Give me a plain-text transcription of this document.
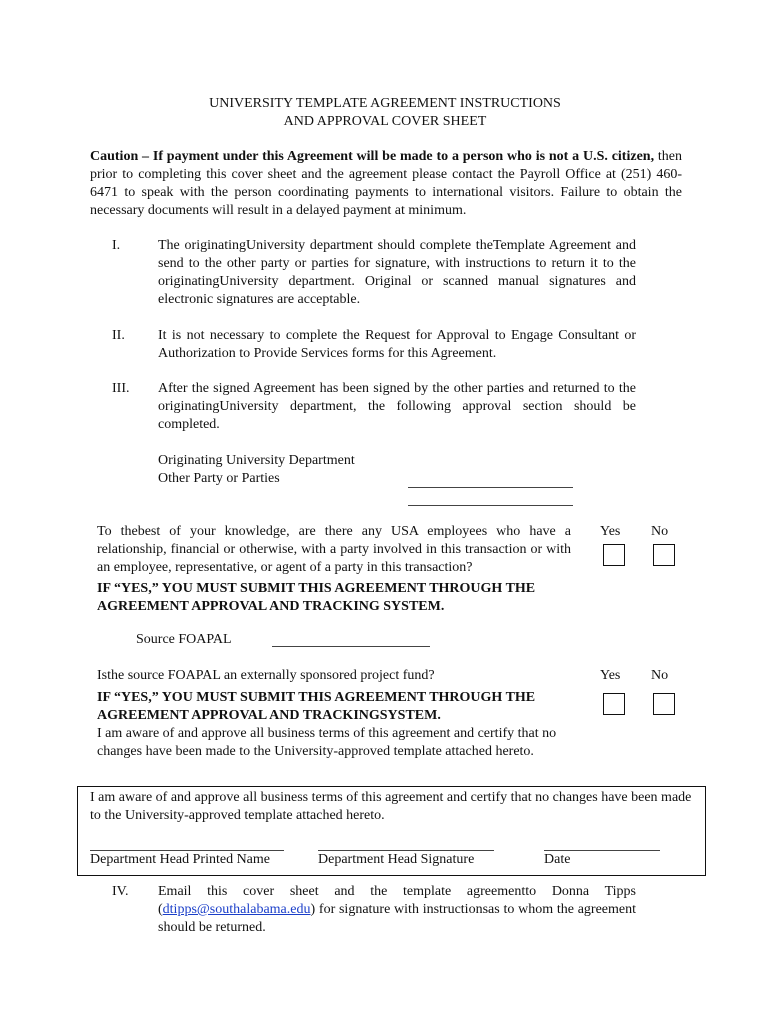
UNIVERSITY TEMPLATE AGREEMENT INSTRUCTIONS
AND APPROVAL COVER SHEET
Caution – If payment under this Agreement will be made to a person who is not a U.S. citizen, then prior to completing this cover sheet and the agreement please contact the Payroll Office at (251) 460-6471 to speak with the person coordinating payments to international visitors. Failure to obtain the necessary documents will result in a delayed payment at minimum.
I.	The originatingUniversity department should complete theTemplate Agreement and send to the other party or parties for signature, with instructions to return it to the originatingUniversity department. Original or scanned manual signatures and electronic signatures are acceptable.
II.	It is not necessary to complete the Request for Approval to Engage Consultant or Authorization to Provide Services forms for this Agreement.
III.	After the signed Agreement has been signed by the other parties and returned to the originatingUniversity department, the following approval section should be completed.
Originating University Department
Other Party or Parties
To thebest of your knowledge, are there any USA employees who have a relationship, financial or otherwise, with a party involved in this transaction or with an employee, representative, or agent of a party in this transaction?
Yes No
IF “YES,” YOU MUST SUBMIT THIS AGREEMENT THROUGH THE AGREEMENT APPROVAL AND TRACKING SYSTEM.
Source FOAPAL
Isthe source FOAPAL an externally sponsored project fund?	Yes No
IF “YES,” YOU MUST SUBMIT THIS AGREEMENT THROUGH THE AGREEMENT APPROVAL AND TRACKINGSYSTEM.
I am aware of and approve all business terms of this agreement and certify that no changes have been made to the University-approved template attached hereto.
I am aware of and approve all business terms of this agreement and certify that no changes have been made to the University-approved template attached hereto.
Department Head Printed Name	Department Head Signature	Date
IV.	Email this cover sheet and the template agreementto Donna Tipps (dtipps@southalabama.edu) for signature with instructionsas to whom the agreement should be returned.
